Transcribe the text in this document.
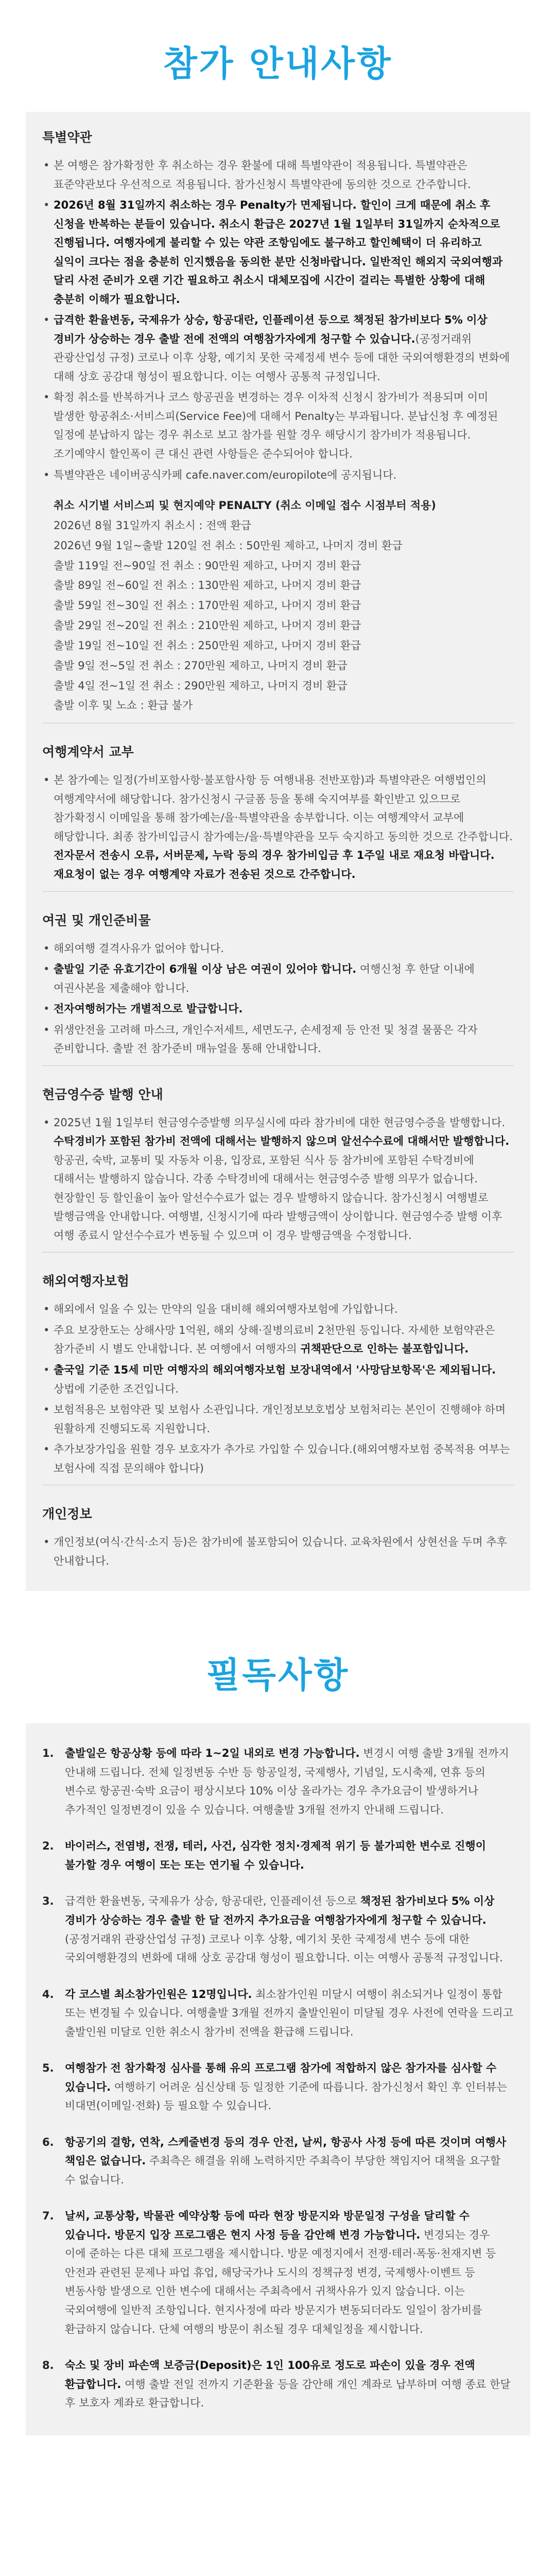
참가 안내사항
특별약관
• 본 여행은 참가확정한 후 취소하는 경우 환불에 대해 특별약관이 적용됩니다. 특별약관은 표준약관보다 우선적으로 적용됩니다. 참가신청시 특별약관에 동의한 것으로 간주합니다.
• 2026년 8월 31일까지 취소하는 경우 Penalty가 면제됩니다. 할인이 크게 때문에 취소 후 신청을 반복하는 분들이 있습니다. 취소시 환급은 2027년 1월 1일부터 31일까지 순차적으로 진행됩니다. 여행자에게 불리할 수 있는 약관 조항임에도 불구하고 할인혜택이 더 유리하고 실익이 크다는 점을 충분히 인지했음을 동의한 분만 신청바랍니다. 일반적인 해외지 국외여행과 달리 사전 준비가 오랜 기간 필요하고 취소시 대체모집에 시간이 걸리는 특별한 상황에 대해 충분히 이해가 필요합니다.
• 급격한 환율변동, 국제유가 상승, 항공대란, 인플레이션 등으로 책정된 참가비보다 5% 이상 경비가 상승하는 경우 출발 전에 전액의 여행참가자에게 청구할 수 있습니다.(공정거래위 관광산업성 규정) 코로나 이후 상황, 예기치 못한 국제정세 변수 등에 대한 국외여행환경의 변화에 대해 상호 공감대 형성이 필요합니다. 이는 여행사 공통적 규정입니다.
• 확정 취소를 반복하거나 코스 항공권을 변경하는 경우 이차적 신청시 참가비가 적용되며 이미 발생한 항공취소·서비스피(Service Fee)에 대해서 Penalty는 부과됩니다. 분납신청 후 예정된 일정에 분납하지 않는 경우 취소로 보고 참가를 원할 경우 해당시기 참가비가 적용됩니다. 조기예약시 할인폭이 큰 대신 관련 사항들은 준수되어야 합니다.
• 특별약관은 네이버공식카페 cafe.naver.com/europilote에 공지됩니다.
취소 시기별 서비스피 및 현지예약 PENALTY (취소 이메일 접수 시점부터 적용)
2026년 8월 31일까지 취소시 : 전액 환급
2026년 9월 1일~출발 120일 전 취소 : 50만원 제하고, 나머지 경비 환급
출발 119일 전~90일 전 취소 : 90만원 제하고, 나머지 경비 환급
출발 89일 전~60일 전 취소 : 130만원 제하고, 나머지 경비 환급
출발 59일 전~30일 전 취소 : 170만원 제하고, 나머지 경비 환급
출발 29일 전~20일 전 취소 : 210만원 제하고, 나머지 경비 환급
출발 19일 전~10일 전 취소 : 250만원 제하고, 나머지 경비 환급
출발 9일 전~5일 전 취소 : 270만원 제하고, 나머지 경비 환급
출발 4일 전~1일 전 취소 : 290만원 제하고, 나머지 경비 환급
출발 이후 및 노쇼 : 환급 불가
여행계약서 교부
• 본 참가예는 일정(가비포함사항·불포함사항 등 여행내용 전반포함)과 특별약관은 여행법인의 여행계약서에 해당합니다. 참가신청시 구글폼 등을 통해 숙지여부를 확인받고 있으므로 참가확정시 이메일을 통해 참가예는/을·특별약관을 송부합니다. 이는 여행계약서 교부에 해당합니다. 최종 참가비입금시 참가예는/을·특별약관을 모두 숙지하고 동의한 것으로 간주합니다. 전자문서 전송시 오류, 서버문제, 누락 등의 경우 참가비입금 후 1주일 내로 재요청 바랍니다. 재요청이 없는 경우 여행계약 자료가 전송된 것으로 간주합니다.
여권 및 개인준비물
• 해외여행 결격사유가 없어야 합니다.
• 출발일 기준 유효기간이 6개월 이상 남은 여권이 있어야 합니다. 여행신청 후 한달 이내에 여권사본을 제출해야 합니다.
• 전자여행허가는 개별적으로 발급합니다.
• 위생안전을 고려해 마스크, 개인수저세트, 세면도구, 손세정제 등 안전 및 청결 물품은 각자 준비합니다. 출발 전 참가준비 매뉴얼을 통해 안내합니다.
현금영수증 발행 안내
• 2025년 1월 1일부터 현금영수증발행 의무실시에 따라 참가비에 대한 현금영수증을 발행합니다. 수탁경비가 포함된 참가비 전액에 대해서는 발행하지 않으며 알선수수료에 대해서만 발행합니다. 항공권, 숙박, 교통비 및 자동차 이용, 입장료, 포함된 식사 등 참가비에 포함된 수탁경비에 대해서는 발행하지 않습니다. 각종 수탁경비에 대해서는 현금영수증 발행 의무가 없습니다. 현장할인 등 할인율이 높아 알선수수료가 없는 경우 발행하지 않습니다. 참가신청시 여행별로 발행금액을 안내합니다. 여행별, 신청시기에 따라 발행금액이 상이합니다. 현금영수증 발행 이후 여행 종료시 알선수수료가 변동될 수 있으며 이 경우 발행금액을 수정합니다.
해외여행자보험
• 해외에서 일을 수 있는 만약의 일을 대비해 해외여행자보험에 가입합니다.
• 주요 보장한도는 상해사망 1억원, 해외 상해·질병의료비 2천만원 등입니다. 자세한 보험약관은 참가준비 시 별도 안내합니다. 본 여행에서 여행자의 귀책판단으로 인하는 불포함입니다.
• 출국일 기준 15세 미만 여행자의 해외여행자보험 보장내역에서 '사망담보항목'은 제외됩니다. 상법에 기준한 조건입니다.
• 보험적용은 보험약관 및 보험사 소관입니다. 개인정보보호법상 보험처리는 본인이 진행해야 하며 원활하게 진행되도록 지원합니다.
• 추가보장가입을 원할 경우 보호자가 추가로 가입할 수 있습니다.(해외여행자보험 중복적용 여부는 보험사에 직접 문의해야 합니다)
개인정보
• 개인정보(여식·간식·소지 등)은 참가비에 불포함되어 있습니다. 교육차원에서 상현선을 두며 추후 안내합니다.
필독사항
1. 출발일은 항공상황 등에 따라 1~2일 내외로 변경 가능합니다. 변경시 여행 출발 3개월 전까지 안내해 드립니다. 전체 일정변동 수반 등 항공일정, 국제행사, 기념일, 도시축제, 연휴 등의 변수로 항공권·숙박 요금이 평상시보다 10% 이상 올라가는 경우 추가요금이 발생하거나 추가적인 일정변경이 있을 수 있습니다. 여행출발 3개월 전까지 안내해 드립니다.
2. 바이러스, 전염병, 전쟁, 테러, 사건, 심각한 정치·경제적 위기 등 불가피한 변수로 진행이 불가할 경우 여행이 또는 또는 연기될 수 있습니다.
3. 급격한 환율변동, 국제유가 상승, 항공대란, 인플레이션 등으로 책정된 참가비보다 5% 이상 경비가 상승하는 경우 출발 한 달 전까지 추가요금을 여행참가자에게 청구할 수 있습니다. (공정거래위 관광산업성 규정) 코로나 이후 상황, 예기치 못한 국제정세 변수 등에 대한 국외여행환경의 변화에 대해 상호 공감대 형성이 필요합니다. 이는 여행사 공통적 규정입니다.
4. 각 코스별 최소참가인원은 12명입니다. 최소참가인원 미달시 여행이 취소되거나 일정이 통합 또는 변경될 수 있습니다. 여행출발 3개월 전까지 출발인원이 미달될 경우 사전에 연락을 드리고 출발인원 미달로 인한 취소시 참가비 전액을 환급해 드립니다.
5. 여행참가 전 참가확정 심사를 통해 유의 프로그램 참가에 적합하지 않은 참가자를 심사할 수 있습니다. 여행하기 어려운 심신상태 등 일정한 기준에 따릅니다. 참가신청서 확인 후 인터뷰는 비대면(이메일·전화) 등 필요할 수 있습니다.
6. 항공기의 결항, 연착, 스케줄변경 등의 경우 안전, 날씨, 항공사 사정 등에 따른 것이며 여행사 책임은 없습니다. 주최측은 해결을 위해 노력하지만 주최측이 부당한 책임지어 대책을 요구할 수 없습니다.
7. 날씨, 교통상황, 박물관 예약상황 등에 따라 현장 방문지와 방문일정 구성을 달리할 수 있습니다. 방문지 입장 프로그램은 현지 사정 등을 감안해 변경 가능합니다. 변경되는 경우 이에 준하는 다른 대체 프로그램을 제시합니다. 방문 예정지에서 전쟁·테러·폭동·천재지변 등 안전과 관련된 문제나 파업 휴업, 해당국가나 도시의 정책규정 변경, 국제행사·이벤트 등 변동사항 발생으로 인한 변수에 대해서는 주최측에서 귀책사유가 있지 않습니다. 이는 국외여행에 일반적 조항입니다. 현지사정에 따라 방문지가 변동되더라도 일일이 참가비를 환급하지 않습니다. 단체 여행의 방문이 취소될 경우 대체일정을 제시합니다.
8. 숙소 및 장비 파손액 보증금(Deposit)은 1인 100유로 정도로 파손이 있을 경우 전액 환급합니다. 여행 출발 전일 전까지 기준환율 등을 감안해 개인 계좌로 납부하며 여행 종료 한달 후 보호자 계좌로 환급합니다.
